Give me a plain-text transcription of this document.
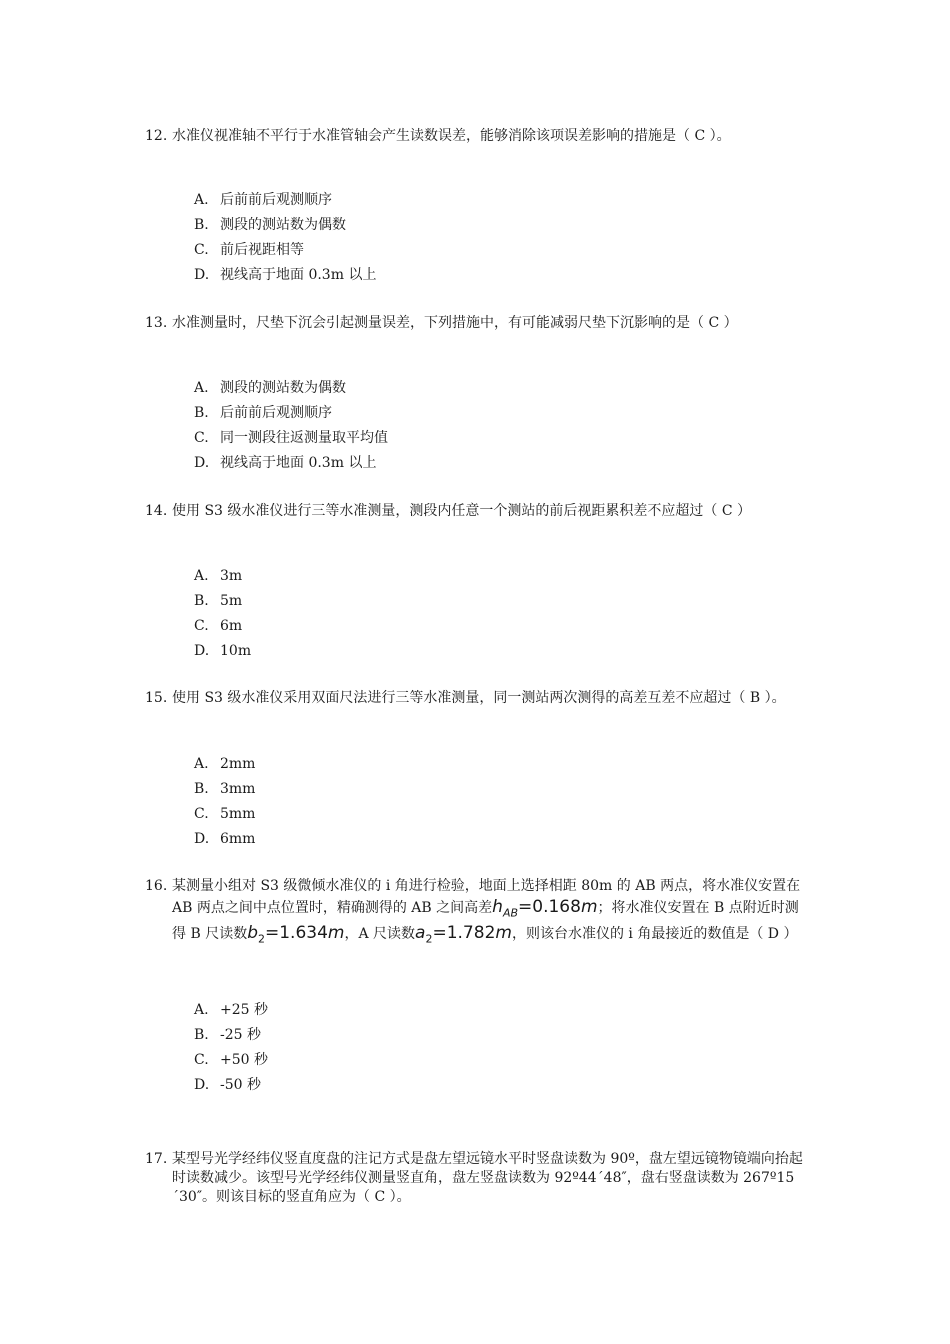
12. 水准仪视准轴不平行于水准管轴会产生读数误差，能够消除该项误差影响的措施是（ C ）。
A. 后前前后观测顺序
B. 测段的测站数为偶数
C. 前后视距相等
D. 视线高于地面 0.3m 以上
13. 水准测量时，尺垫下沉会引起测量误差，下列措施中，有可能减弱尺垫下沉影响的是（ C ）
A. 测段的测站数为偶数
B. 后前前后观测顺序
C. 同一测段往返测量取平均值
D. 视线高于地面 0.3m 以上
14. 使用 S3 级水准仪进行三等水准测量，测段内任意一个测站的前后视距累积差不应超过（ C ）
A. 3m
B. 5m
C. 6m
D. 10m
15. 使用 S3 级水准仪采用双面尺法进行三等水准测量，同一测站两次测得的高差互差不应超过（ B ）。
A. 2mm
B. 3mm
C. 5mm
D. 6mm
16. 某测量小组对 S3 级微倾水准仪的 i 角进行检验，地面上选择相距 80m 的 AB 两点，将水准仪安置在 AB 两点之间中点位置时，精确测得的 AB 之间高差$h_{AB}=0.168m$；将水准仪安置在 B 点附近时测得 B 尺读数$b_2=1.634m$，A 尺读数$a_2=1.782m$，则该台水准仪的 i 角最接近的数值是（ D ）
A. +25 秒
B. -25 秒
C. +50 秒
D. -50 秒
17. 某型号光学经纬仪竖直度盘的注记方式是盘左望远镜水平时竖盘读数为 90º，盘左望远镜物镜端向抬起时读数减少。该型号光学经纬仪测量竖直角，盘左竖盘读数为 92º44´48″，盘右竖盘读数为 267º15´30″。则该目标的竖直角应为（ C ）。
